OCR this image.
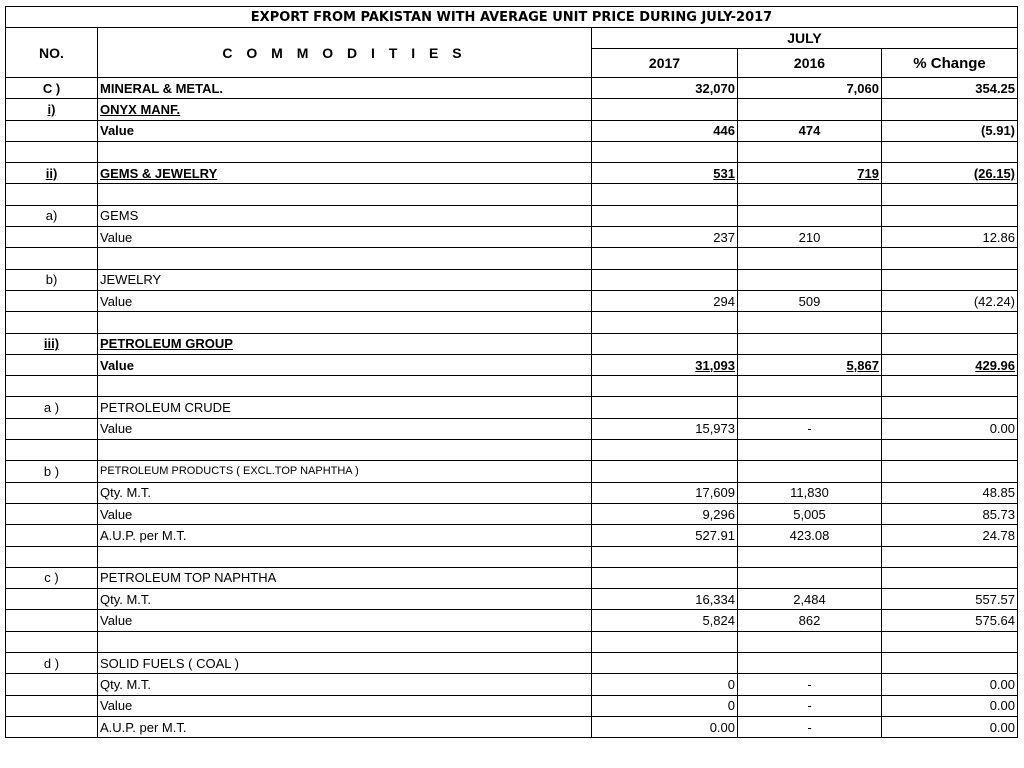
EXPORT FROM PAKISTAN WITH AVERAGE UNIT PRICE DURING JULY-2017				
NO.	C O M M O D I T I E S	JULY		
		2017	2016	% Change
C )	MINERAL & METAL.	32,070	7,060	354.25
i)	ONYX MANF.			
	Value	446	474	(5.91)

ii)	GEMS & JEWELRY	531	719	(26.15)

a)	GEMS			
	Value	237	210	12.86

b)	JEWELRY			
	Value	294	509	(42.24)

iii)	PETROLEUM GROUP			
	Value	31,093	5,867	429.96

a )	PETROLEUM CRUDE			
	Value	15,973	-	0.00

b )	PETROLEUM PRODUCTS ( EXCL.TOP NAPHTHA )			
	Qty. M.T.	17,609	11,830	48.85
	Value	9,296	5,005	85.73
	A.U.P. per M.T.	527.91	423.08	24.78

c )	PETROLEUM TOP NAPHTHA			
	Qty. M.T.	16,334	2,484	557.57
	Value	5,824	862	575.64

d )	SOLID FUELS ( COAL )			
	Qty. M.T.	0	-	0.00
	Value	0	-	0.00
	A.U.P. per M.T.	0.00	-	0.00
